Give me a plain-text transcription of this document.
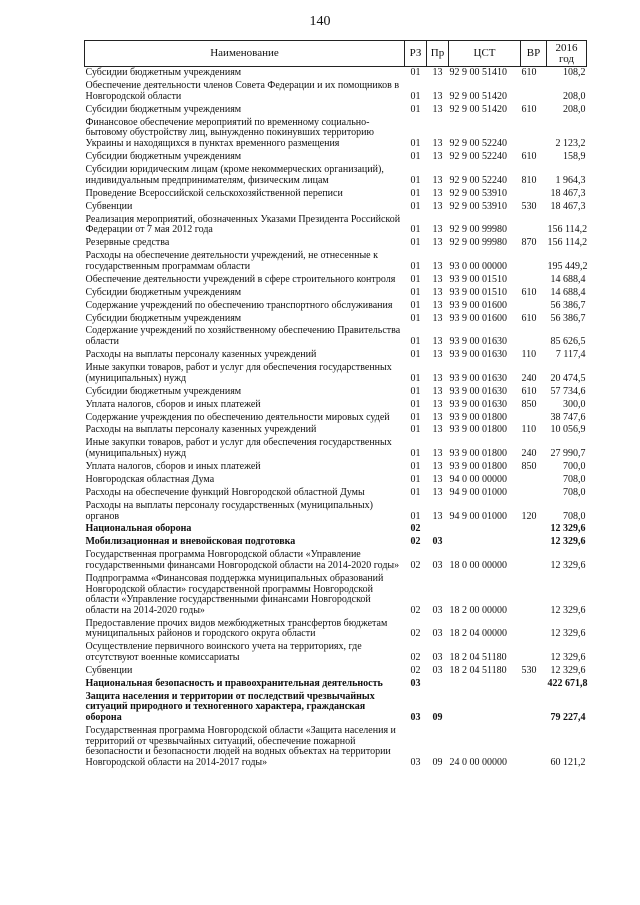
140
Наименование	РЗ	Пр	ЦСТ	ВР	2016 год
Субсидии бюджетным учреждениям	01	13	92 9 00 51410	610	108,2
Обеспечение деятельности членов Совета Федерации и их помощников в Новгородской области	01	13	92 9 00 51420		208,0
Субсидии бюджетным учреждениям	01	13	92 9 00 51420	610	208,0
Финансовое обеспечение мероприятий по временному социально-бытовому обустройству лиц, вынужденно покинувших территорию Украины и находящихся в пунктах временного размещения	01	13	92 9 00 52240		2 123,2
Субсидии бюджетным учреждениям	01	13	92 9 00 52240	610	158,9
Субсидии юридическим лицам (кроме некоммерческих организаций), индивидуальным предпринимателям, физическим лицам	01	13	92 9 00 52240	810	1 964,3
Проведение Всероссийской сельскохозяйственной переписи	01	13	92 9 00 53910		18 467,3
Субвенции	01	13	92 9 00 53910	530	18 467,3
Реализация мероприятий, обозначенных Указами Президента Российской Федерации от 7 мая 2012 года	01	13	92 9 00 99980		156 114,2
Резервные средства	01	13	92 9 00 99980	870	156 114,2
Расходы на обеспечение деятельности учреждений, не отнесенные к государственным программам области	01	13	93 0 00 00000		195 449,2
Обеспечение деятельности учреждений в сфере строительного контроля	01	13	93 9 00 01510		14 688,4
Субсидии бюджетным учреждениям	01	13	93 9 00 01510	610	14 688,4
Содержание учреждений по обеспечению транспортного обслуживания	01	13	93 9 00 01600		56 386,7
Субсидии бюджетным учреждениям	01	13	93 9 00 01600	610	56 386,7
Содержание учреждений по хозяйственному обеспечению Правительства области	01	13	93 9 00 01630		85 626,5
Расходы на выплаты персоналу казенных учреждений	01	13	93 9 00 01630	110	7 117,4
Иные закупки товаров, работ и услуг для обеспечения государственных (муниципальных) нужд	01	13	93 9 00 01630	240	20 474,5
Субсидии бюджетным учреждениям	01	13	93 9 00 01630	610	57 734,6
Уплата налогов, сборов и иных платежей	01	13	93 9 00 01630	850	300,0
Содержание учреждения по обеспечению деятельности мировых судей	01	13	93 9 00 01800		38 747,6
Расходы на выплаты персоналу казенных учреждений	01	13	93 9 00 01800	110	10 056,9
Иные закупки товаров, работ и услуг для обеспечения государственных (муниципальных) нужд	01	13	93 9 00 01800	240	27 990,7
Уплата налогов, сборов и иных платежей	01	13	93 9 00 01800	850	700,0
Новгородская областная Дума	01	13	94 0 00 00000		708,0
Расходы на обеспечение функций Новгородской областной Думы	01	13	94 9 00 01000		708,0
Расходы на выплаты персоналу государственных (муниципальных) органов	01	13	94 9 00 01000	120	708,0
Национальная оборона	02				12 329,6
Мобилизационная и вневойсковая подготовка	02	03			12 329,6
Государственная программа Новгородской области «Управление государственными финансами Новгородской области на 2014-2020 годы»	02	03	18 0 00 00000		12 329,6
Подпрограмма «Финансовая поддержка муниципальных образований Новгородской области» государственной программы Новгородской области «Управление государственными финансами Новгородской области на 2014-2020 годы»	02	03	18 2 00 00000		12 329,6
Предоставление прочих видов межбюджетных трансфертов бюджетам муниципальных районов и городского округа области	02	03	18 2 04 00000		12 329,6
Осуществление первичного воинского учета на территориях, где отсутствуют военные комиссариаты	02	03	18 2 04 51180		12 329,6
Субвенции	02	03	18 2 04 51180	530	12 329,6
Национальная безопасность и правоохранительная деятельность	03				422 671,8
Защита населения и территории от последствий чрезвычайных ситуаций природного и техногенного характера, гражданская оборона	03	09			79 227,4
Государственная программа Новгородской области «Защита населения и территорий от чрезвычайных ситуаций, обеспечение пожарной безопасности и безопасности людей на водных объектах на территории Новгородской области на 2014-2017 годы»	03	09	24 0 00 00000		60 121,2
